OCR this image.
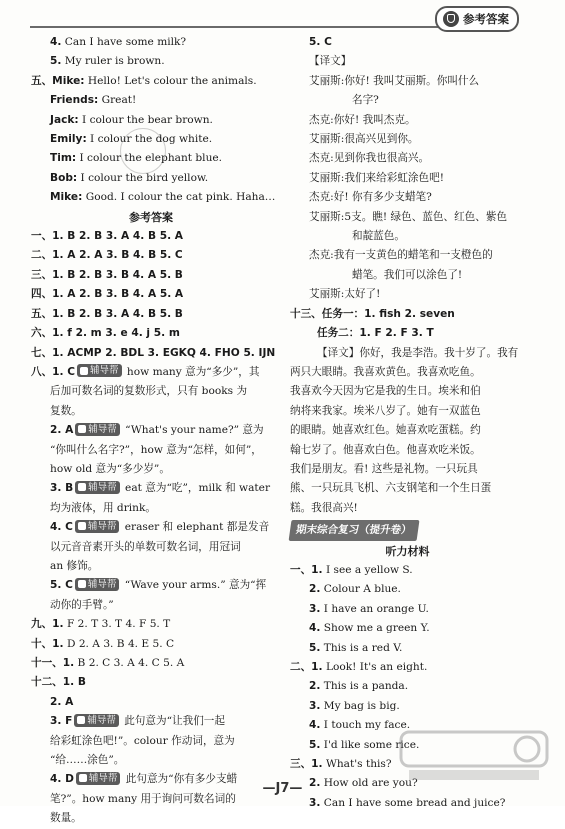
参考答案
4. Can I have some milk?
5. My ruler is brown.
五、Mike: Hello! Let's colour the animals.
Friends: Great!
Jack: I colour the bear brown.
Emily: I colour the dog white.
Tim: I colour the elephant blue.
Bob: I colour the bird yellow.
Mike: Good. I colour the cat pink. Haha…
参考答案
一、1. B 2. B 3. A 4. B 5. A
二、1. A 2. A 3. B 4. B 5. C
三、1. B 2. B 3. B 4. A 5. B
四、1. A 2. B 3. B 4. A 5. A
五、1. B 2. B 3. A 4. B 5. B
六、1. f 2. m 3. e 4. j 5. m
七、1. ACMP 2. BDL 3. EGKQ 4. FHO 5. IJN
八、1. C 辅导帮 how many 意为“多少”，其
后加可数名词的复数形式，只有 books 为
复数。
2. A 辅导帮 “What's your name?” 意为
“你叫什么名字?”，how 意为“怎样，如何”，
how old 意为“多少岁”。
3. B 辅导帮 eat 意为“吃”，milk 和 water
均为液体，用 drink。
4. C 辅导帮 eraser 和 elephant 都是发音
以元音音素开头的单数可数名词，用冠词
an 修饰。
5. C 辅导帮 “Wave your arms.” 意为“挥
动你的手臂。”
九、1. F 2. T 3. T 4. F 5. T
十、1. D 2. A 3. B 4. E 5. C
十一、1. B 2. C 3. A 4. C 5. A
十二、1. B
2. A
3. F 辅导帮 此句意为“让我们一起
给彩虹涂色吧!”。colour 作动词，意为
“给……涂色”。
4. D 辅导帮 此句意为“你有多少支蜡
笔?”。how many 用于询问可数名词的
数量。
5. C
【译文】
艾丽斯:你好! 我叫艾丽斯。你叫什么
名字?
杰克:你好! 我叫杰克。
艾丽斯:很高兴见到你。
杰克:见到你我也很高兴。
艾丽斯:我们来给彩虹涂色吧!
杰克:好! 你有多少支蜡笔?
艾丽斯:5支。瞧! 绿色、蓝色、红色、紫色
和靛蓝色。
杰克:我有一支黄色的蜡笔和一支橙色的
蜡笔。我们可以涂色了!
艾丽斯:太好了!
十三、任务一：1. fish 2. seven
任务二：1. F 2. F 3. T
【译文】你好，我是李浩。我十岁了。我有
两只大眼睛。我喜欢黄色。我喜欢吃鱼。
我喜欢今天因为它是我的生日。埃米和伯
纳将来我家。埃米八岁了。她有一双蓝色
的眼睛。她喜欢红色。她喜欢吃蛋糕。约
翰七岁了。他喜欢白色。他喜欢吃米饭。
我们是朋友。看! 这些是礼物。一只玩具
熊、一只玩具飞机、六支钢笔和一个生日蛋
糕。我很高兴!
期末综合复习（提升卷）
听力材料
一、1. I see a yellow S.
2. Colour A blue.
3. I have an orange U.
4. Show me a green Y.
5. This is a red V.
二、1. Look! It's an eight.
2. This is a panda.
3. My bag is big.
4. I touch my face.
5. I'd like some rice.
三、1. What's this?
2. How old are you?
3. Can I have some bread and juice?
—J7—
